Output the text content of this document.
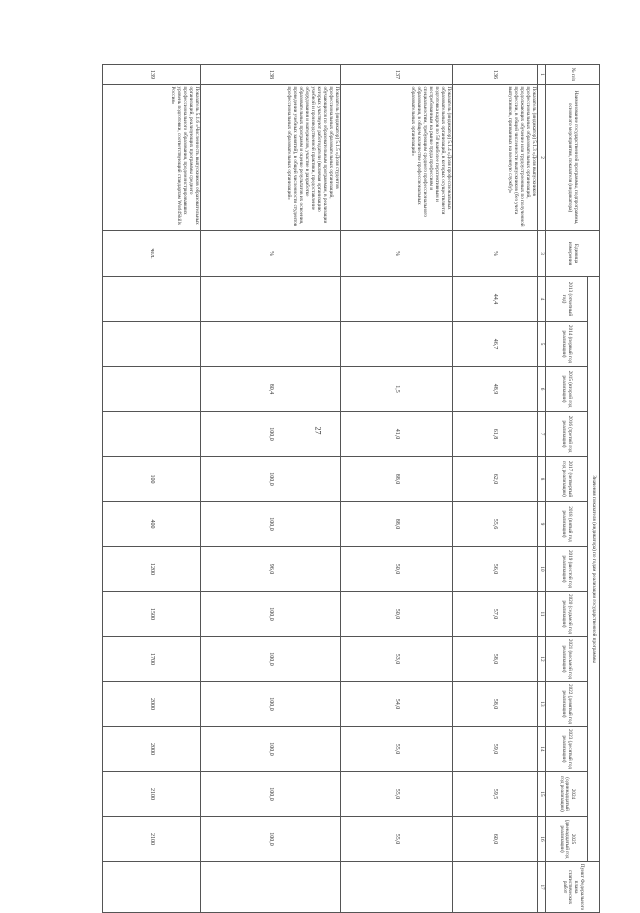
27
№ п/п	Наименование государственной программы, подпрограммы, основного мероприятия, показателя (индикатора)	Единица измерения	Значения показателя (индикатора) по годам реализации государственной программы													Пункт Федерального плана статистических работ
			2013 (отчетный год)	2014 (первый год реализации)	2015 (второй год реализации)	2016 (третий год реализации)	2017 (четвертый год реализации)	2018 (пятый год реализации)	2019 (шестой год реализации)	2020 (седьмой год реализации)	2021 (восьмой год реализации)	2022 (девятый год реализации)	2023 (десятый год реализации)	2024 (одиннадцатый год реализации)	2025 (двенадцатый год реализации)	
1	2	3	4	5	6	7	8	9	10	11	12	13	14	15	16	17
136	Показатель (индикатор) 5.1.3 «Доля выпускников профессиональных образовательных организаций, продолжающих обучение или трудоустроенных по полученной профессии, в общей численности выпускников (без учета выпускников, призванных на военную службу)»	%	44,4	46,7	48,9	61,8	62,0	55,6	56,0	57,0	58,0	58,0	59,0	59,5	60,0	
137	Показатель (индикатор) 5.1.4 «Доля профессиональных образовательных организаций, в которых осуществляется подготовка кадров по 50 наиболее перспективным и востребованным на рынке труда профессиям и специальностям, требующим среднего профессионального образования, в общем количестве профессиональных образовательных организаций»	%			1,5	41,0	88,0	88,0	50,0	50,0	53,0	54,0	55,0	55,0	55,0	
138	Показатель (индикатор) 5.1.5 «Доля студентов профессиональных образовательных организаций, обучающихся по образовательным программам, в реализации которых участвуют работодатели (включая организацию учебной и производственной практики, предоставление оборудования и материалов, участие в разработке образовательных программ и оценке результатов их освоения, проведении учебных занятий), в общей численности студентов профессиональных образовательных организаций»	%			80,4	100,0	100,0	100,0	96,0	100,0	100,0	100,0	100,0	100,0	100,0	
139	Показатель 5.1.6 «Численность выпускников образовательных организаций, реализующих программы среднего профессионального образования, продемонстрировавших уровень подготовки, соответствующий стандартам WorldSkills Россия»	чел.					100	400	1200	1500	1700	2000	2000	2100	2100	
